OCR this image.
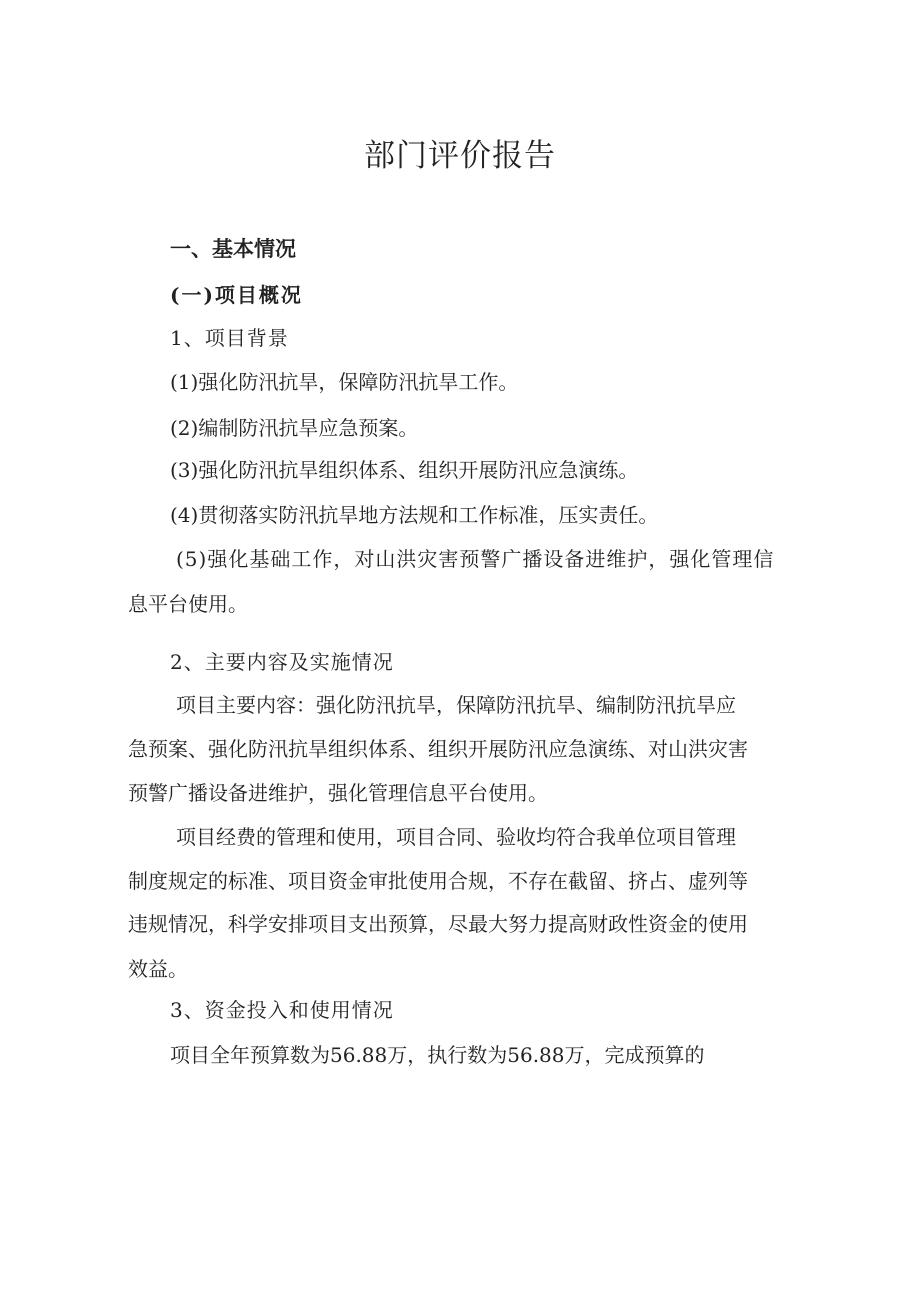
部门评价报告
一、基本情况
(一)项目概况
1、项目背景
(1)强化防汛抗旱，保障防汛抗旱工作。
(2)编制防汛抗旱应急预案。
(3)强化防汛抗旱组织体系、组织开展防汛应急演练。
(4)贯彻落实防汛抗旱地方法规和工作标准，压实责任。
(5)强化基础工作，对山洪灾害预警广播设备进维护，强化管理信
息平台使用。
2、主要内容及实施情况
项目主要内容：强化防汛抗旱，保障防汛抗旱、编制防汛抗旱应
急预案、强化防汛抗旱组织体系、组织开展防汛应急演练、对山洪灾害
预警广播设备进维护，强化管理信息平台使用。
项目经费的管理和使用，项目合同、验收均符合我单位项目管理
制度规定的标准、项目资金审批使用合规，不存在截留、挤占、虚列等
违规情况，科学安排项目支出预算，尽最大努力提高财政性资金的使用
效益。
3、资金投入和使用情况
项目全年预算数为56.88万，执行数为56.88万，完成预算的
